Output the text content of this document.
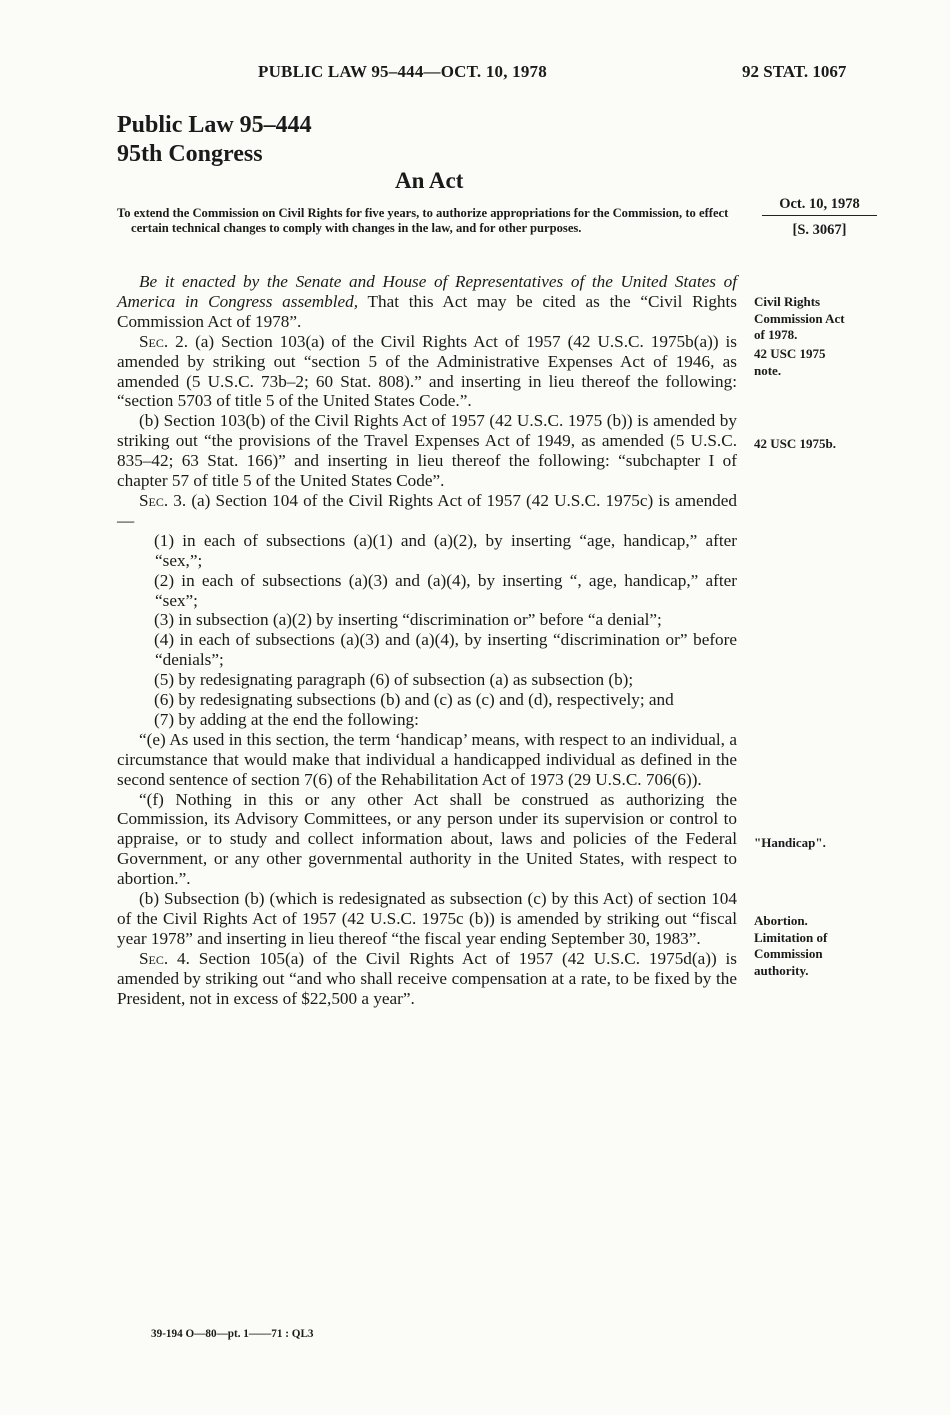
PUBLIC LAW 95–444—OCT. 10, 1978	92 STAT. 1067
Public Law 95–444
95th Congress
An Act
To extend the Commission on Civil Rights for five years, to authorize appropriations for the Commission, to effect certain technical changes to comply with changes in the law, and for other purposes.
Oct. 10, 1978
[S. 3067]

Be it enacted by the Senate and House of Representatives of the United States of America in Congress assembled, That this Act may be cited as the “Civil Rights Commission Act of 1978”.

Sec. 2. (a) Section 103(a) of the Civil Rights Act of 1957 (42 U.S.C. 1975b(a)) is amended by striking out “section 5 of the Administrative Expenses Act of 1946, as amended (5 U.S.C. 73b–2; 60 Stat. 808).” and inserting in lieu thereof the following: “section 5703 of title 5 of the United States Code.”.

(b) Section 103(b) of the Civil Rights Act of 1957 (42 U.S.C. 1975 (b)) is amended by striking out “the provisions of the Travel Expenses Act of 1949, as amended (5 U.S.C. 835–42; 63 Stat. 166)” and inserting in lieu thereof the following: “subchapter I of chapter 57 of title 5 of the United States Code”.

Sec. 3. (a) Section 104 of the Civil Rights Act of 1957 (42 U.S.C. 1975c) is amended—

(1) in each of subsections (a)(1) and (a)(2), by inserting “age, handicap,” after “sex,”;

(2) in each of subsections (a)(3) and (a)(4), by inserting “, age, handicap,” after “sex”;

(3) in subsection (a)(2) by inserting “discrimination or” before “a denial”;

(4) in each of subsections (a)(3) and (a)(4), by inserting “discrimination or” before “denials”;

(5) by redesignating paragraph (6) of subsection (a) as subsection (b);

(6) by redesignating subsections (b) and (c) as (c) and (d), respectively; and

(7) by adding at the end the following:

“(e) As used in this section, the term ‘handicap’ means, with respect to an individual, a circumstance that would make that individual a handicapped individual as defined in the second sentence of section 7(6) of the Rehabilitation Act of 1973 (29 U.S.C. 706(6)).

“(f) Nothing in this or any other Act shall be construed as authorizing the Commission, its Advisory Committees, or any person under its supervision or control to appraise, or to study and collect information about, laws and policies of the Federal Government, or any other governmental authority in the United States, with respect to abortion.”.

(b) Subsection (b) (which is redesignated as subsection (c) by this Act) of section 104 of the Civil Rights Act of 1957 (42 U.S.C. 1975c (b)) is amended by striking out “fiscal year 1978” and inserting in lieu thereof “the fiscal year ending September 30, 1983”.

Sec. 4. Section 105(a) of the Civil Rights Act of 1957 (42 U.S.C. 1975d(a)) is amended by striking out “and who shall receive compensation at a rate, to be fixed by the President, not in excess of $22,500 a year”.

Civil Rights
Commission Act
of 1978.
42 USC 1975
note.
42 USC 1975b.
"Handicap".
Abortion.
Limitation of
Commission
authority.
39-194 O—80—pt. 1——71 : QL3
